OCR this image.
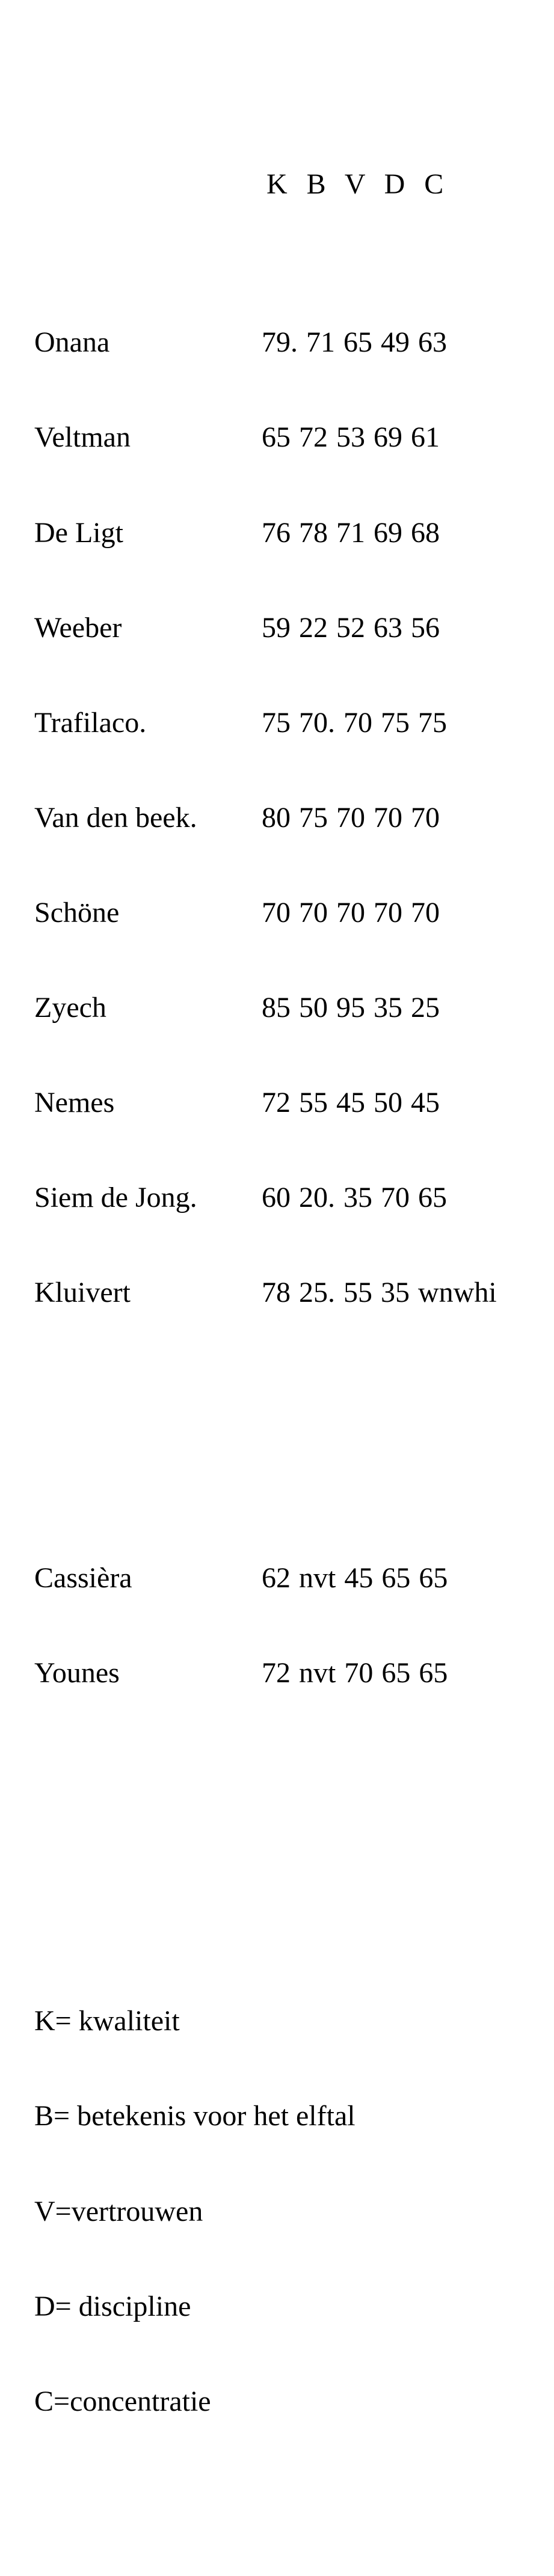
K B V D C

Onana	79. 71 65 49 63

Veltman	65 72 53 69 61

De Ligt	76 78 71 69 68

Weeber	59 22 52 63 56

Trafilaco.	75 70. 70 75 75

Van den beek.	80 75 70 70 70

Schöne	70 70 70 70 70

Zyech	85 50 95 35 25

Nemes	72 55 45 50 45

Siem de Jong.	60 20. 35 70 65

Kluivert	78 25. 55 35 wnwhi

Cassièra	62 nvt 45 65 65

Younes	72 nvt 70 65 65

K= kwaliteit

B= betekenis voor het elftal

V=vertrouwen

D= discipline

C=concentratie
